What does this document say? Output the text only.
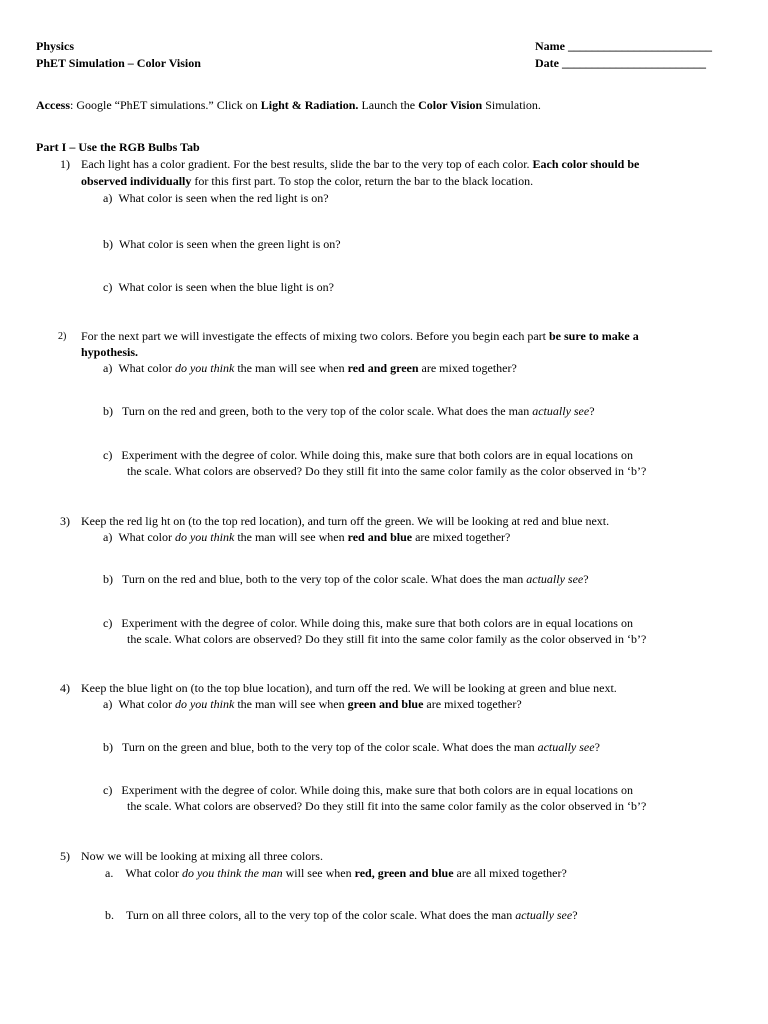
Physics
PhET Simulation – Color Vision
Name ________________________
Date ________________________
Access: Google “PhET simulations.” Click on Light & Radiation. Launch the Color Vision Simulation.
Part I – Use the RGB Bulbs Tab
1) Each light has a color gradient. For the best results, slide the bar to the very top of each color. Each color should be
observed individually for this first part. To stop the color, return the bar to the black location.
a) What color is seen when the red light is on?
b) What color is seen when the green light is on?
c) What color is seen when the blue light is on?
2) For the next part we will investigate the effects of mixing two colors. Before you begin each part be sure to make a
hypothesis.
a) What color do you think the man will see when red and green are mixed together?
b) Turn on the red and green, both to the very top of the color scale. What does the man actually see?
c) Experiment with the degree of color. While doing this, make sure that both colors are in equal locations on
the scale. What colors are observed? Do they still fit into the same color family as the color observed in ‘b’?
3) Keep the red lig ht on (to the top red location), and turn off the green. We will be looking at red and blue next.
a) What color do you think the man will see when red and blue are mixed together?
b) Turn on the red and blue, both to the very top of the color scale. What does the man actually see?
c) Experiment with the degree of color. While doing this, make sure that both colors are in equal locations on
the scale. What colors are observed? Do they still fit into the same color family as the color observed in ‘b’?
4) Keep the blue light on (to the top blue location), and turn off the red. We will be looking at green and blue next.
a) What color do you think the man will see when green and blue are mixed together?
b) Turn on the green and blue, both to the very top of the color scale. What does the man actually see?
c) Experiment with the degree of color. While doing this, make sure that both colors are in equal locations on
the scale. What colors are observed? Do they still fit into the same color family as the color observed in ‘b’?
5) Now we will be looking at mixing all three colors.
a. What color do you think the man will see when red, green and blue are all mixed together?
b. Turn on all three colors, all to the very top of the color scale. What does the man actually see?
